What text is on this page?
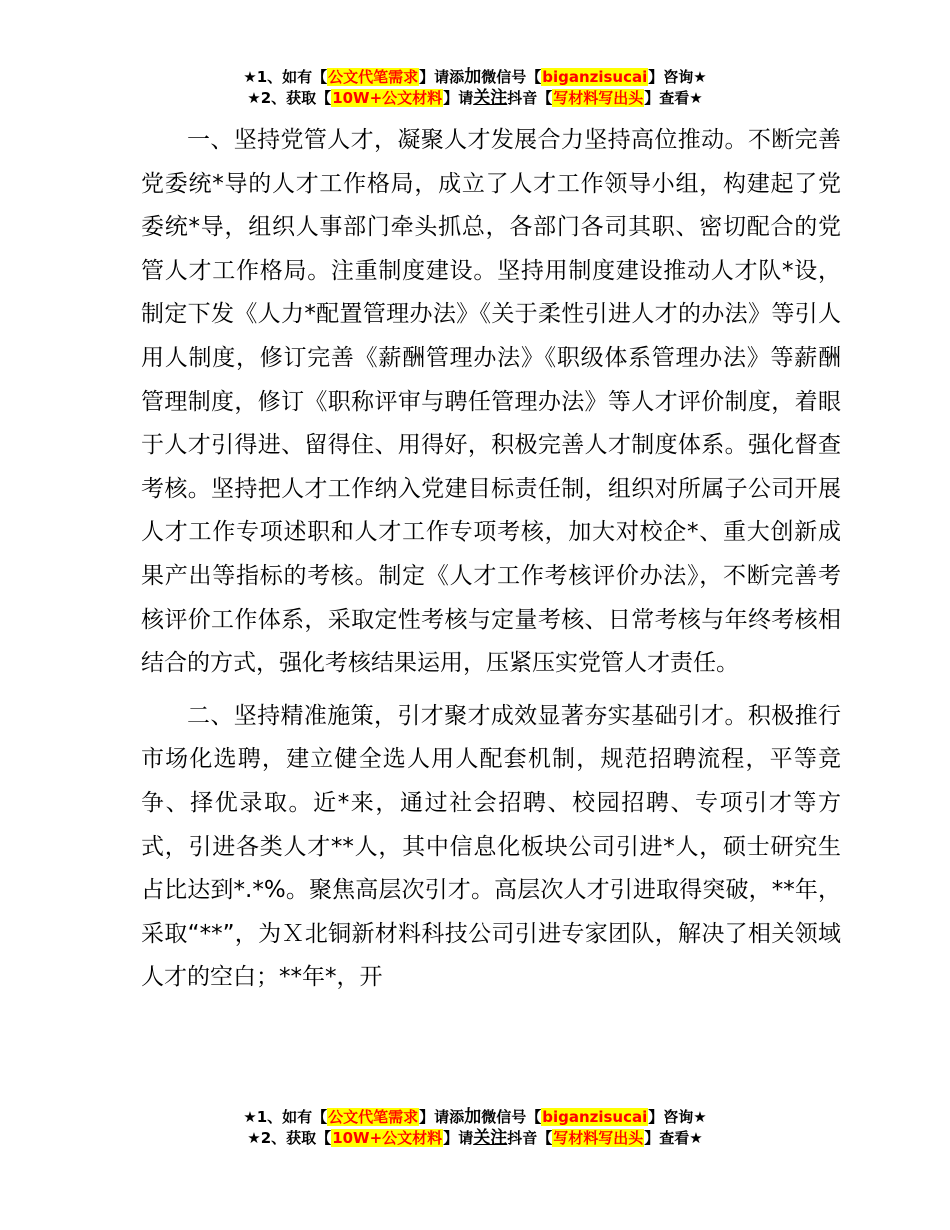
★1、如有【公文代笔需求】请添加微信号【biganzisucai】咨询★
★2、获取【10W+公文材料】请关注抖音【写材料写出头】查看★

一、坚持党管人才，凝聚人才发展合力坚持高位推动。不断完善党委统*导的人才工作格局，成立了人才工作领导小组，构建起了党委统*导，组织人事部门牵头抓总，各部门各司其职、密切配合的党管人才工作格局。注重制度建设。坚持用制度建设推动人才队*设，制定下发《人力*配置管理办法》《关于柔性引进人才的办法》等引人用人制度，修订完善《薪酬管理办法》《职级体系管理办法》等薪酬管理制度，修订《职称评审与聘任管理办法》等人才评价制度，着眼于人才引得进、留得住、用得好，积极完善人才制度体系。强化督查考核。坚持把人才工作纳入党建目标责任制，组织对所属子公司开展人才工作专项述职和人才工作专项考核，加大对校企*、重大创新成果产出等指标的考核。制定《人才工作考核评价办法》，不断完善考核评价工作体系，采取定性考核与定量考核、日常考核与年终考核相结合的方式，强化考核结果运用，压紧压实党管人才责任。

二、坚持精准施策，引才聚才成效显著夯实基础引才。积极推行市场化选聘，建立健全选人用人配套机制，规范招聘流程，平等竞争、择优录取。近*来，通过社会招聘、校园招聘、专项引才等方式，引进各类人才**人，其中信息化板块公司引进*人，硕士研究生占比达到*.*%。聚焦高层次引才。高层次人才引进取得突破，**年，采取“**”，为Ｘ北铜新材料科技公司引进专家团队，解决了相关领域人才的空白；**年*，开

★1、如有【公文代笔需求】请添加微信号【biganzisucai】咨询★
★2、获取【10W+公文材料】请关注抖音【写材料写出头】查看★
